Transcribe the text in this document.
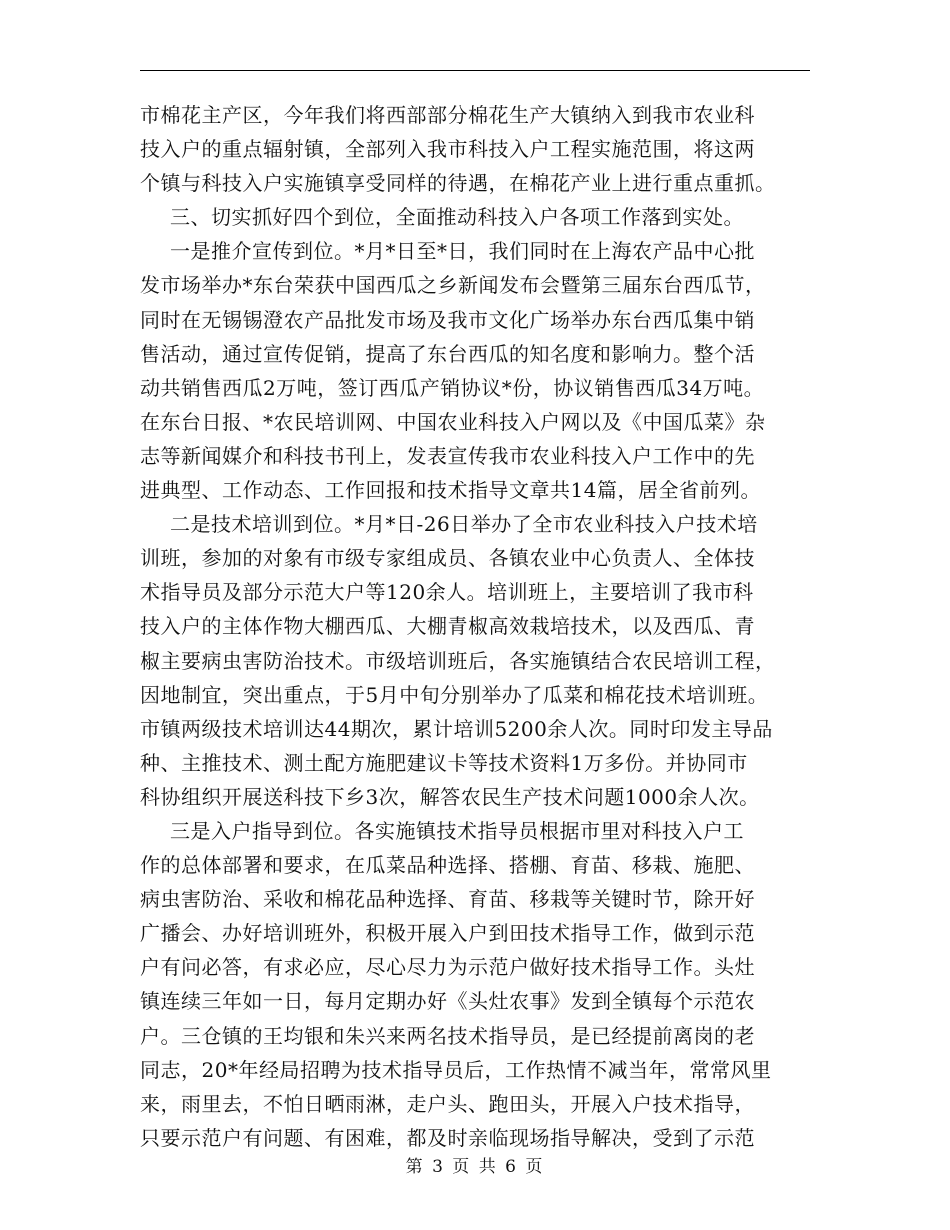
市棉花主产区，今年我们将西部部分棉花生产大镇纳入到我市农业科
技入户的重点辐射镇，全部列入我市科技入户工程实施范围，将这两
个镇与科技入户实施镇享受同样的待遇，在棉花产业上进行重点重抓。
三、切实抓好四个到位，全面推动科技入户各项工作落到实处。
一是推介宣传到位。*月*日至*日，我们同时在上海农产品中心批
发市场举办*东台荣获中国西瓜之乡新闻发布会暨第三届东台西瓜节，
同时在无锡锡澄农产品批发市场及我市文化广场举办东台西瓜集中销
售活动，通过宣传促销，提高了东台西瓜的知名度和影响力。整个活
动共销售西瓜2万吨，签订西瓜产销协议*份，协议销售西瓜34万吨。
在东台日报、*农民培训网、中国农业科技入户网以及《中国瓜菜》杂
志等新闻媒介和科技书刊上，发表宣传我市农业科技入户工作中的先
进典型、工作动态、工作回报和技术指导文章共14篇，居全省前列。
二是技术培训到位。*月*日-26日举办了全市农业科技入户技术培
训班，参加的对象有市级专家组成员、各镇农业中心负责人、全体技
术指导员及部分示范大户等120余人。培训班上，主要培训了我市科
技入户的主体作物大棚西瓜、大棚青椒高效栽培技术，以及西瓜、青
椒主要病虫害防治技术。市级培训班后，各实施镇结合农民培训工程，
因地制宜，突出重点，于5月中旬分别举办了瓜菜和棉花技术培训班。
市镇两级技术培训达44期次，累计培训5200余人次。同时印发主导品
种、主推技术、测土配方施肥建议卡等技术资料1万多份。并协同市
科协组织开展送科技下乡3次，解答农民生产技术问题1000余人次。
三是入户指导到位。各实施镇技术指导员根据市里对科技入户工
作的总体部署和要求，在瓜菜品种选择、搭棚、育苗、移栽、施肥、
病虫害防治、采收和棉花品种选择、育苗、移栽等关键时节，除开好
广播会、办好培训班外，积极开展入户到田技术指导工作，做到示范
户有问必答，有求必应，尽心尽力为示范户做好技术指导工作。头灶
镇连续三年如一日，每月定期办好《头灶农事》发到全镇每个示范农
户。三仓镇的王均银和朱兴来两名技术指导员，是已经提前离岗的老
同志，20*年经局招聘为技术指导员后，工作热情不减当年，常常风里
来，雨里去，不怕日晒雨淋，走户头、跑田头，开展入户技术指导，
只要示范户有问题、有困难，都及时亲临现场指导解决，受到了示范
第 3 页 共 6 页
